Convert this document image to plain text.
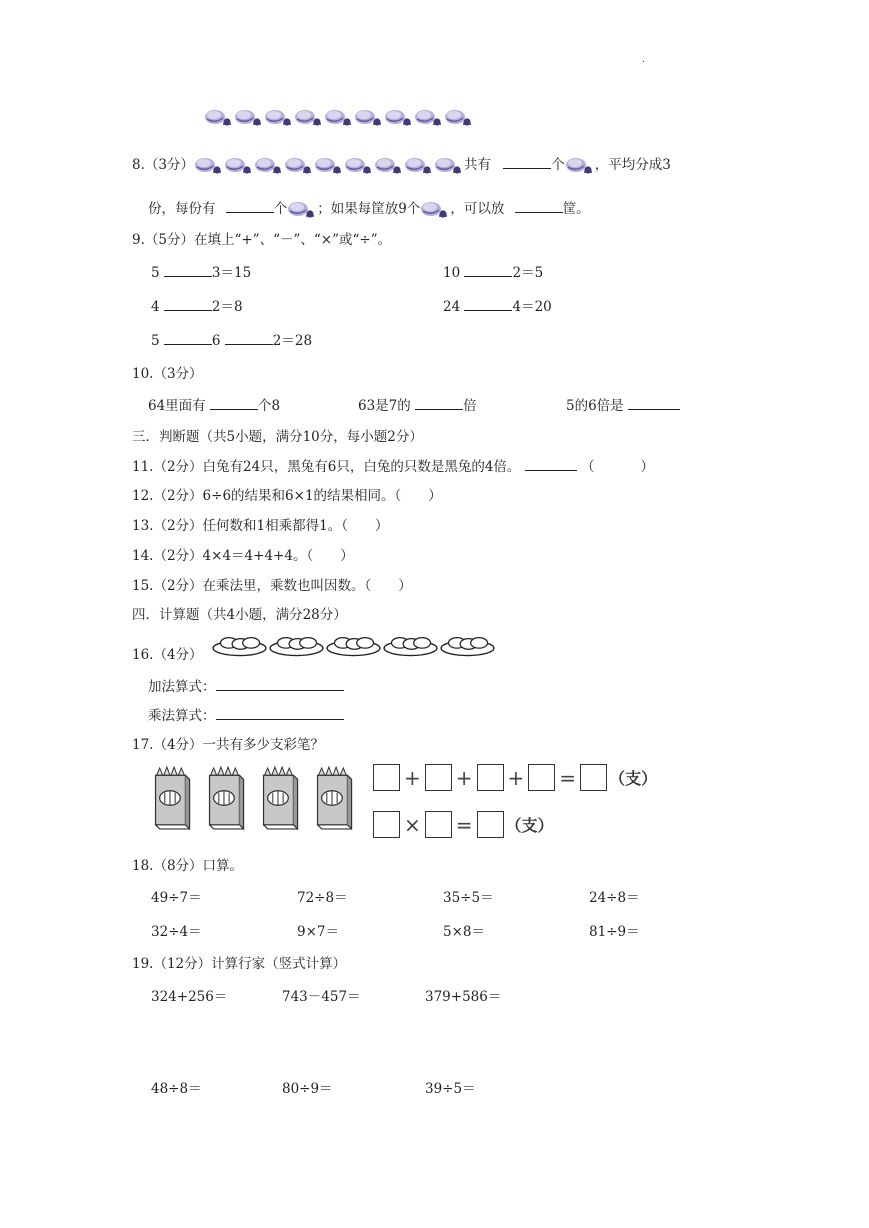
.
8.（3分）	共有	个 ，平均分成3
份，每份有	个 ；如果每筐放9个 ，可以放	筐。
9.（5分）在填上“+”、“－”、“×”或“÷”。
5	3＝15	10	2＝5
4	2＝8	24	4＝20
5	6	2＝28
10.（3分）
64里面有	个8	63是7的	倍	5的6倍是
三．判断题（共5小题，满分10分，每小题2分）
11.（2分）白兔有24只，黑兔有6只，白兔的只数是黑兔的4倍。	（	）
12.（2分）6÷6的结果和6×1的结果相同。（　　）
13.（2分）任何数和1相乘都得1。（　　）
14.（2分）4×4＝4+4+4。（　　）
15.（2分）在乘法里，乘数也叫因数。（　　）
四．计算题（共4小题，满分28分）
16.（4分）
加法算式：
乘法算式：
17.（4分）一共有多少支彩笔？
+ + + = （支）
× = （支）
18.（8分）口算。
49÷7＝	72÷8＝	35÷5＝	24÷8＝
32÷4＝	9×7＝	5×8＝	81÷9＝
19.（12分）计算行家（竖式计算）
324+256＝	743－457＝	379+586＝
48÷8＝	80÷9＝	39÷5＝
